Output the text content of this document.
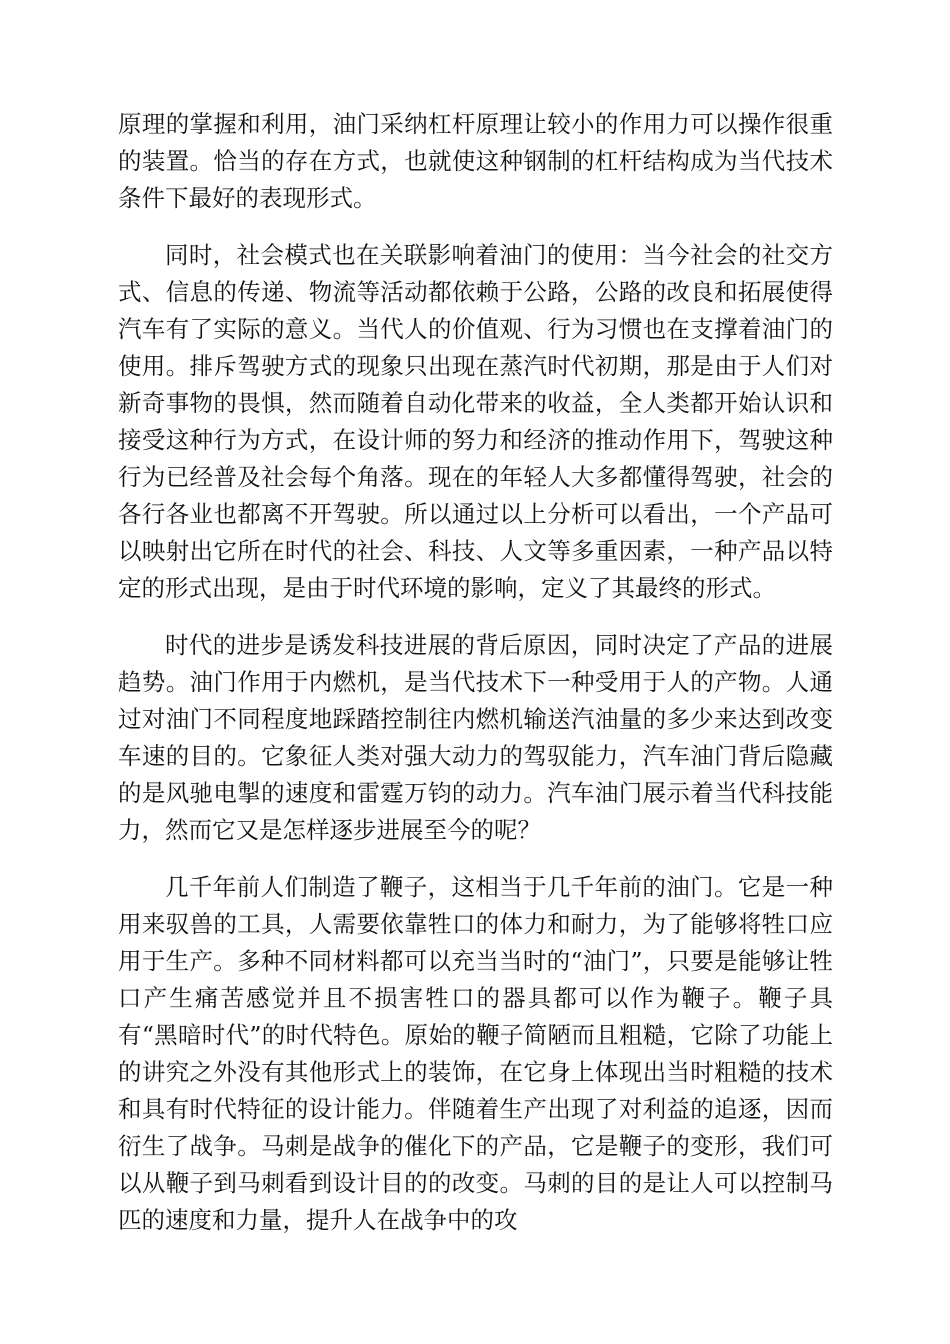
原理的掌握和利用，油门采纳杠杆原理让较小的作用力可以操作很重的装置。恰当的存在方式，也就使这种钢制的杠杆结构成为当代技术条件下最好的表现形式。

同时，社会模式也在关联影响着油门的使用：当今社会的社交方式、信息的传递、物流等活动都依赖于公路，公路的改良和拓展使得汽车有了实际的意义。当代人的价值观、行为习惯也在支撑着油门的使用。排斥驾驶方式的现象只出现在蒸汽时代初期，那是由于人们对新奇事物的畏惧，然而随着自动化带来的收益，全人类都开始认识和接受这种行为方式，在设计师的努力和经济的推动作用下，驾驶这种行为已经普及社会每个角落。现在的年轻人大多都懂得驾驶，社会的各行各业也都离不开驾驶。所以通过以上分析可以看出，一个产品可以映射出它所在时代的社会、科技、人文等多重因素，一种产品以特定的形式出现，是由于时代环境的影响，定义了其最终的形式。

时代的进步是诱发科技进展的背后原因，同时决定了产品的进展趋势。油门作用于内燃机，是当代技术下一种受用于人的产物。人通过对油门不同程度地踩踏控制往内燃机输送汽油量的多少来达到改变车速的目的。它象征人类对强大动力的驾驭能力，汽车油门背后隐藏的是风驰电掣的速度和雷霆万钧的动力。汽车油门展示着当代科技能力，然而它又是怎样逐步进展至今的呢？

几千年前人们制造了鞭子，这相当于几千年前的油门。它是一种用来驭兽的工具，人需要依靠牲口的体力和耐力，为了能够将牲口应用于生产。多种不同材料都可以充当当时的“油门”，只要是能够让牲口产生痛苦感觉并且不损害牲口的器具都可以作为鞭子。鞭子具有“黑暗时代”的时代特色。原始的鞭子简陋而且粗糙，它除了功能上的讲究之外没有其他形式上的装饰，在它身上体现出当时粗糙的技术和具有时代特征的设计能力。伴随着生产出现了对利益的追逐，因而衍生了战争。马刺是战争的催化下的产品，它是鞭子的变形，我们可以从鞭子到马刺看到设计目的的改变。马刺的目的是让人可以控制马匹的速度和力量，提升人在战争中的攻
